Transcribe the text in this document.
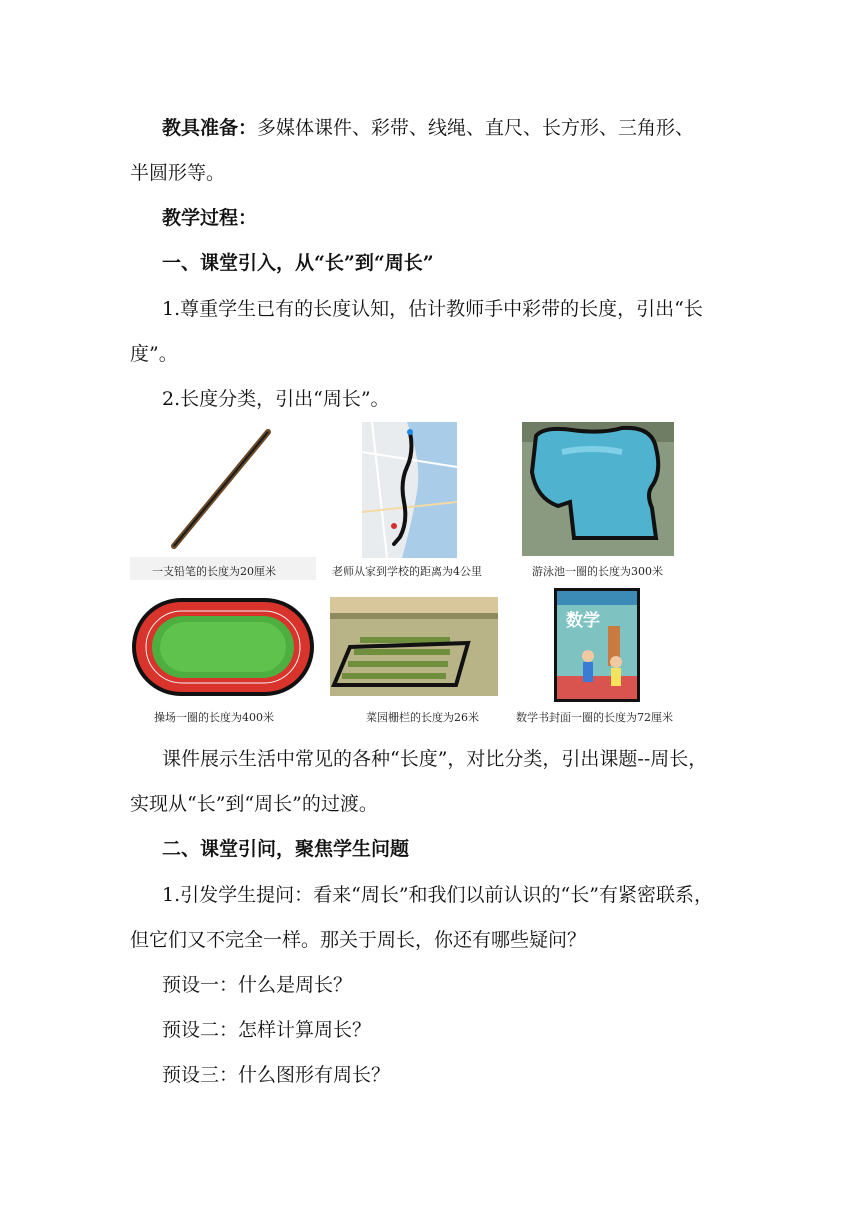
教具准备：多媒体课件、彩带、线绳、直尺、长方形、三角形、
半圆形等。
教学过程：
一、课堂引入，从“长”到“周长”
1.尊重学生已有的长度认知，估计教师手中彩带的长度，引出“长
度”。
2.长度分类，引出“周长”。
一支铅笔的长度为20厘米	老师从家到学校的距离为4公里	游泳池一圈的长度为300米
操场一圈的长度为400米	菜园栅栏的长度为26米
数学
数学书封面一圈的长度为72厘米
课件展示生活中常见的各种“长度”，对比分类，引出课题--周长，
实现从“长”到“周长”的过渡。
二、课堂引问，聚焦学生问题
1.引发学生提问：看来“周长”和我们以前认识的“长”有紧密联系，
但它们又不完全一样。那关于周长，你还有哪些疑问？
预设一：什么是周长？
预设二：怎样计算周长？
预设三：什么图形有周长？
